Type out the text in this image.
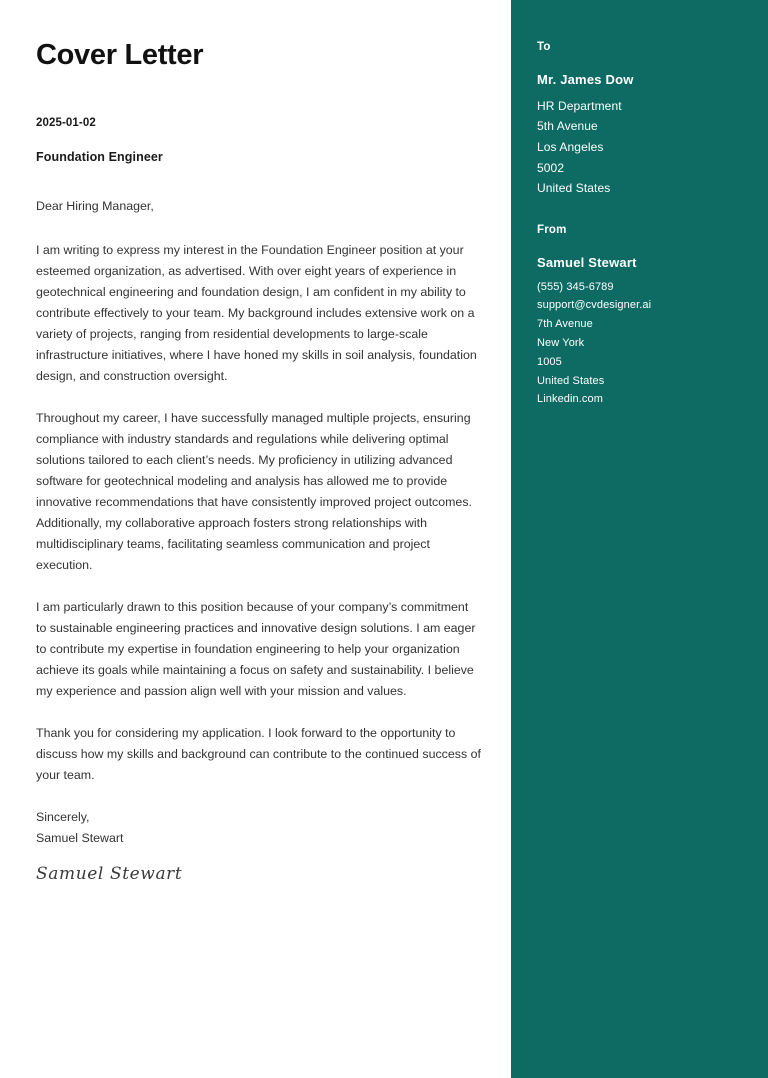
Cover Letter
2025-01-02
Foundation Engineer
Dear Hiring Manager,

I am writing to express my interest in the Foundation Engineer position at your esteemed organization, as advertised. With over eight years of experience in geotechnical engineering and foundation design, I am confident in my ability to contribute effectively to your team. My background includes extensive work on a variety of projects, ranging from residential developments to large-scale infrastructure initiatives, where I have honed my skills in soil analysis, foundation design, and construction oversight.

Throughout my career, I have successfully managed multiple projects, ensuring compliance with industry standards and regulations while delivering optimal solutions tailored to each client’s needs. My proficiency in utilizing advanced software for geotechnical modeling and analysis has allowed me to provide innovative recommendations that have consistently improved project outcomes. Additionally, my collaborative approach fosters strong relationships with multidisciplinary teams, facilitating seamless communication and project execution.

I am particularly drawn to this position because of your company’s commitment to sustainable engineering practices and innovative design solutions. I am eager to contribute my expertise in foundation engineering to help your organization achieve its goals while maintaining a focus on safety and sustainability. I believe my experience and passion align well with your mission and values.

Thank you for considering my application. I look forward to the opportunity to discuss how my skills and background can contribute to the continued success of your team.

Sincerely,
Samuel Stewart
Samuel Stewart
To
Mr. James Dow
HR Department
5th Avenue
Los Angeles
5002
United States
From
Samuel Stewart
(555) 345-6789
support@cvdesigner.ai
7th Avenue
New York
1005
United States
Linkedin.com
